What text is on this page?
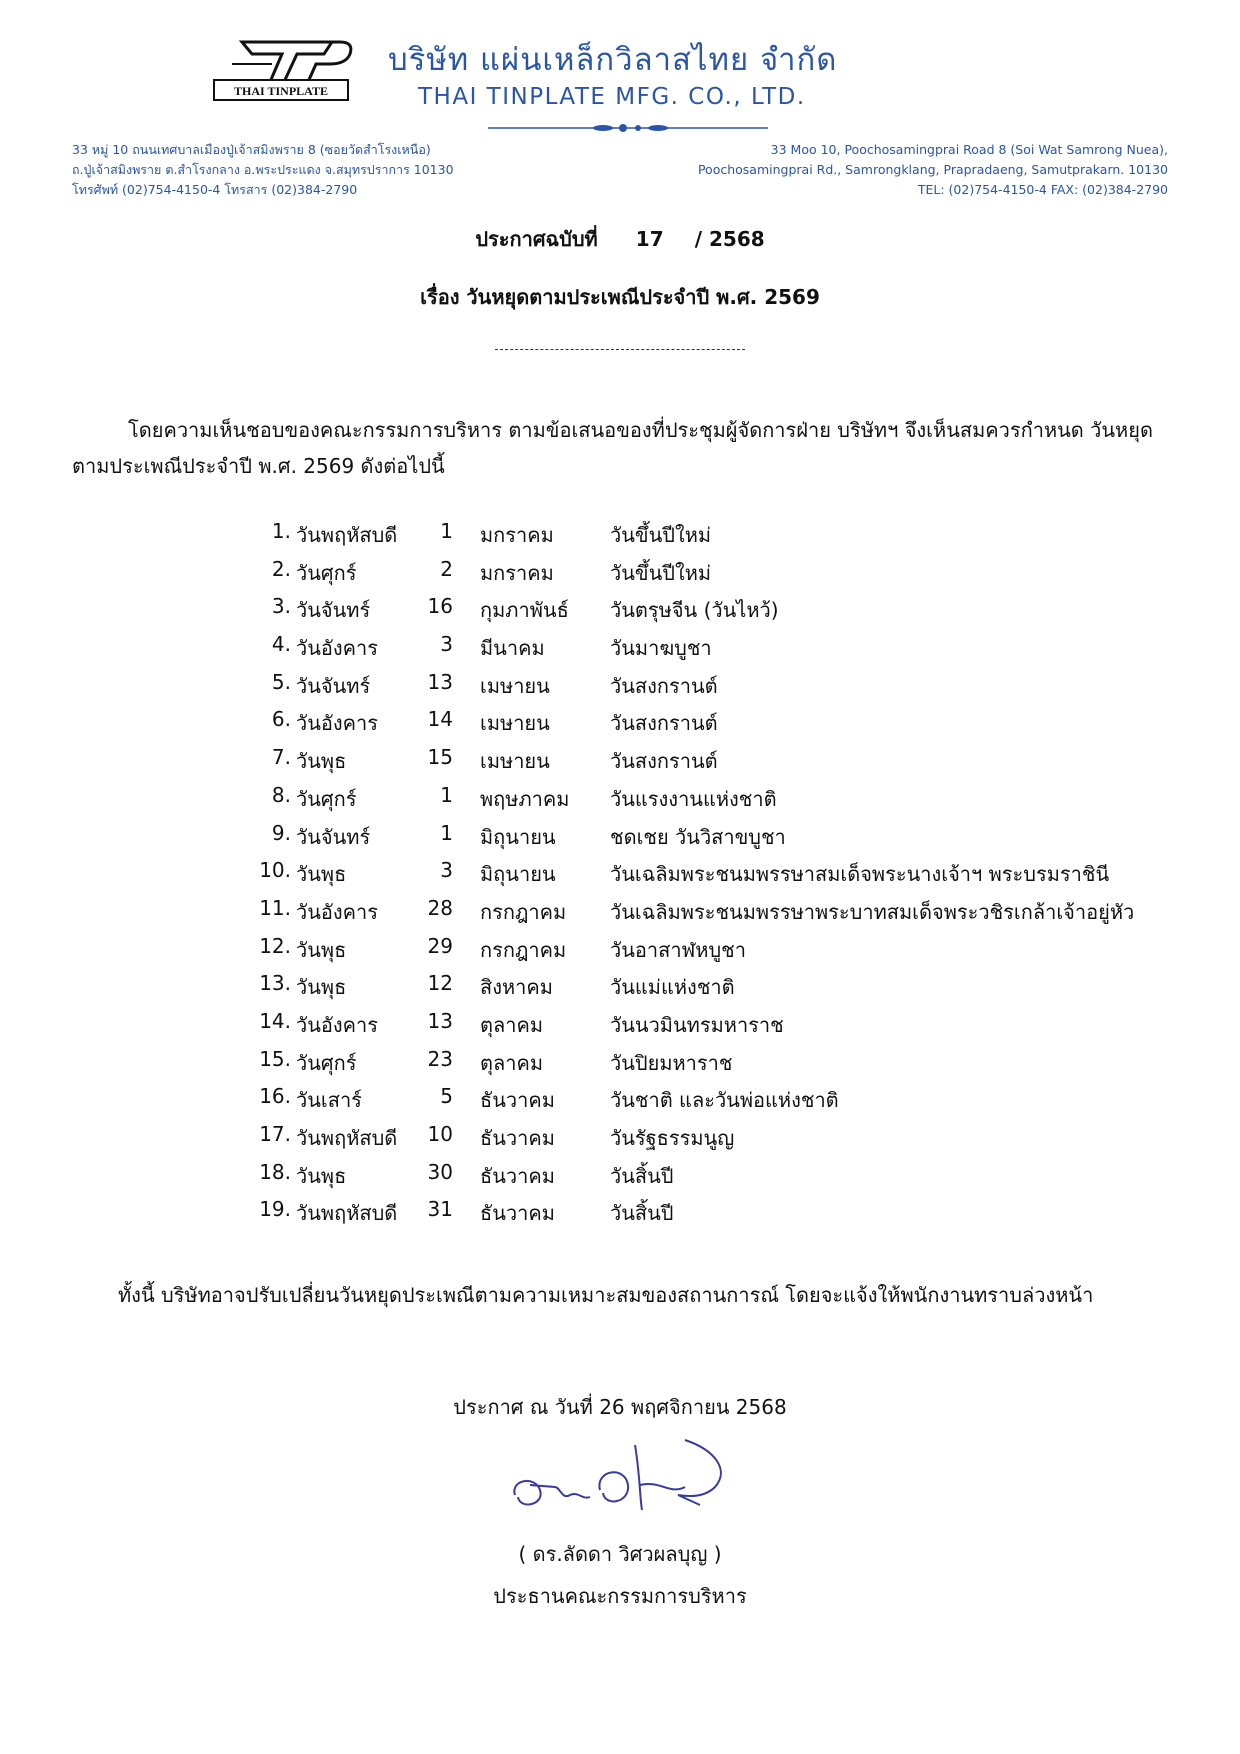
THAI TINPLATE
บริษัท แผ่นเหล็กวิลาสไทย จำกัด
THAI TINPLATE MFG. CO., LTD.
33 หมู่ 10 ถนนเทศบาลเมืองปู่เจ้าสมิงพราย 8 (ซอยวัดสำโรงเหนือ)
ถ.ปู่เจ้าสมิงพราย ต.สำโรงกลาง อ.พระประแดง จ.สมุทรปราการ 10130
โทรศัพท์ (02)754-4150-4 โทรสาร (02)384-2790
33 Moo 10, Poochosamingprai Road 8 (Soi Wat Samrong Nuea),
Poochosamingprai Rd., Samrongklang, Prapradaeng, Samutprakarn. 10130
TEL: (02)754-4150-4 FAX: (02)384-2790
ประกาศฉบับที่ 17 / 2568
เรื่อง วันหยุดตามประเพณีประจำปี พ.ศ. 2569
โดยความเห็นชอบของคณะกรรมการบริหาร ตามข้อเสนอของที่ประชุมผู้จัดการฝ่าย บริษัทฯ จึงเห็นสมควรกำหนด วันหยุดตามประเพณีประจำปี พ.ศ. 2569 ดังต่อไปนี้
1. วันพฤหัสบดี	1 มกราคม	วันขึ้นปีใหม่
2. วันศุกร์	2 มกราคม	วันขึ้นปีใหม่
3. วันจันทร์	16 กุมภาพันธ์ วันตรุษจีน (วันไหว้)
4. วันอังคาร	3 มีนาคม	วันมาฆบูชา
5. วันจันทร์	13 เมษายน	วันสงกรานต์
6. วันอังคาร	14 เมษายน	วันสงกรานต์
7. วันพุธ	15 เมษายน	วันสงกรานต์
8. วันศุกร์	1 พฤษภาคม วันแรงงานแห่งชาติ
9. วันจันทร์	1 มิถุนายน	ชดเชย วันวิสาขบูชา
10. วันพุธ	3 มิถุนายน	วันเฉลิมพระชนมพรรษาสมเด็จพระนางเจ้าฯ พระบรมราชินี
11. วันอังคาร	28 กรกฎาคม วันเฉลิมพระชนมพรรษาพระบาทสมเด็จพระวชิรเกล้าเจ้าอยู่หัว
12. วันพุธ	29 กรกฎาคม วันอาสาฬหบูชา
13. วันพุธ	12 สิงหาคม	วันแม่แห่งชาติ
14. วันอังคาร	13 ตุลาคม	วันนวมินทรมหาราช
15. วันศุกร์	23 ตุลาคม	วันปิยมหาราช
16. วันเสาร์	5 ธันวาคม	วันชาติ และวันพ่อแห่งชาติ
17. วันพฤหัสบดี	10 ธันวาคม	วันรัฐธรรมนูญ
18. วันพุธ	30 ธันวาคม	วันสิ้นปี
19. วันพฤหัสบดี	31 ธันวาคม	วันสิ้นปี
ทั้งนี้ บริษัทอาจปรับเปลี่ยนวันหยุดประเพณีตามความเหมาะสมของสถานการณ์ โดยจะแจ้งให้พนักงานทราบล่วงหน้า
ประกาศ ณ วันที่ 26 พฤศจิกายน 2568
( ดร.ลัดดา วิศวผลบุญ )
ประธานคณะกรรมการบริหาร
